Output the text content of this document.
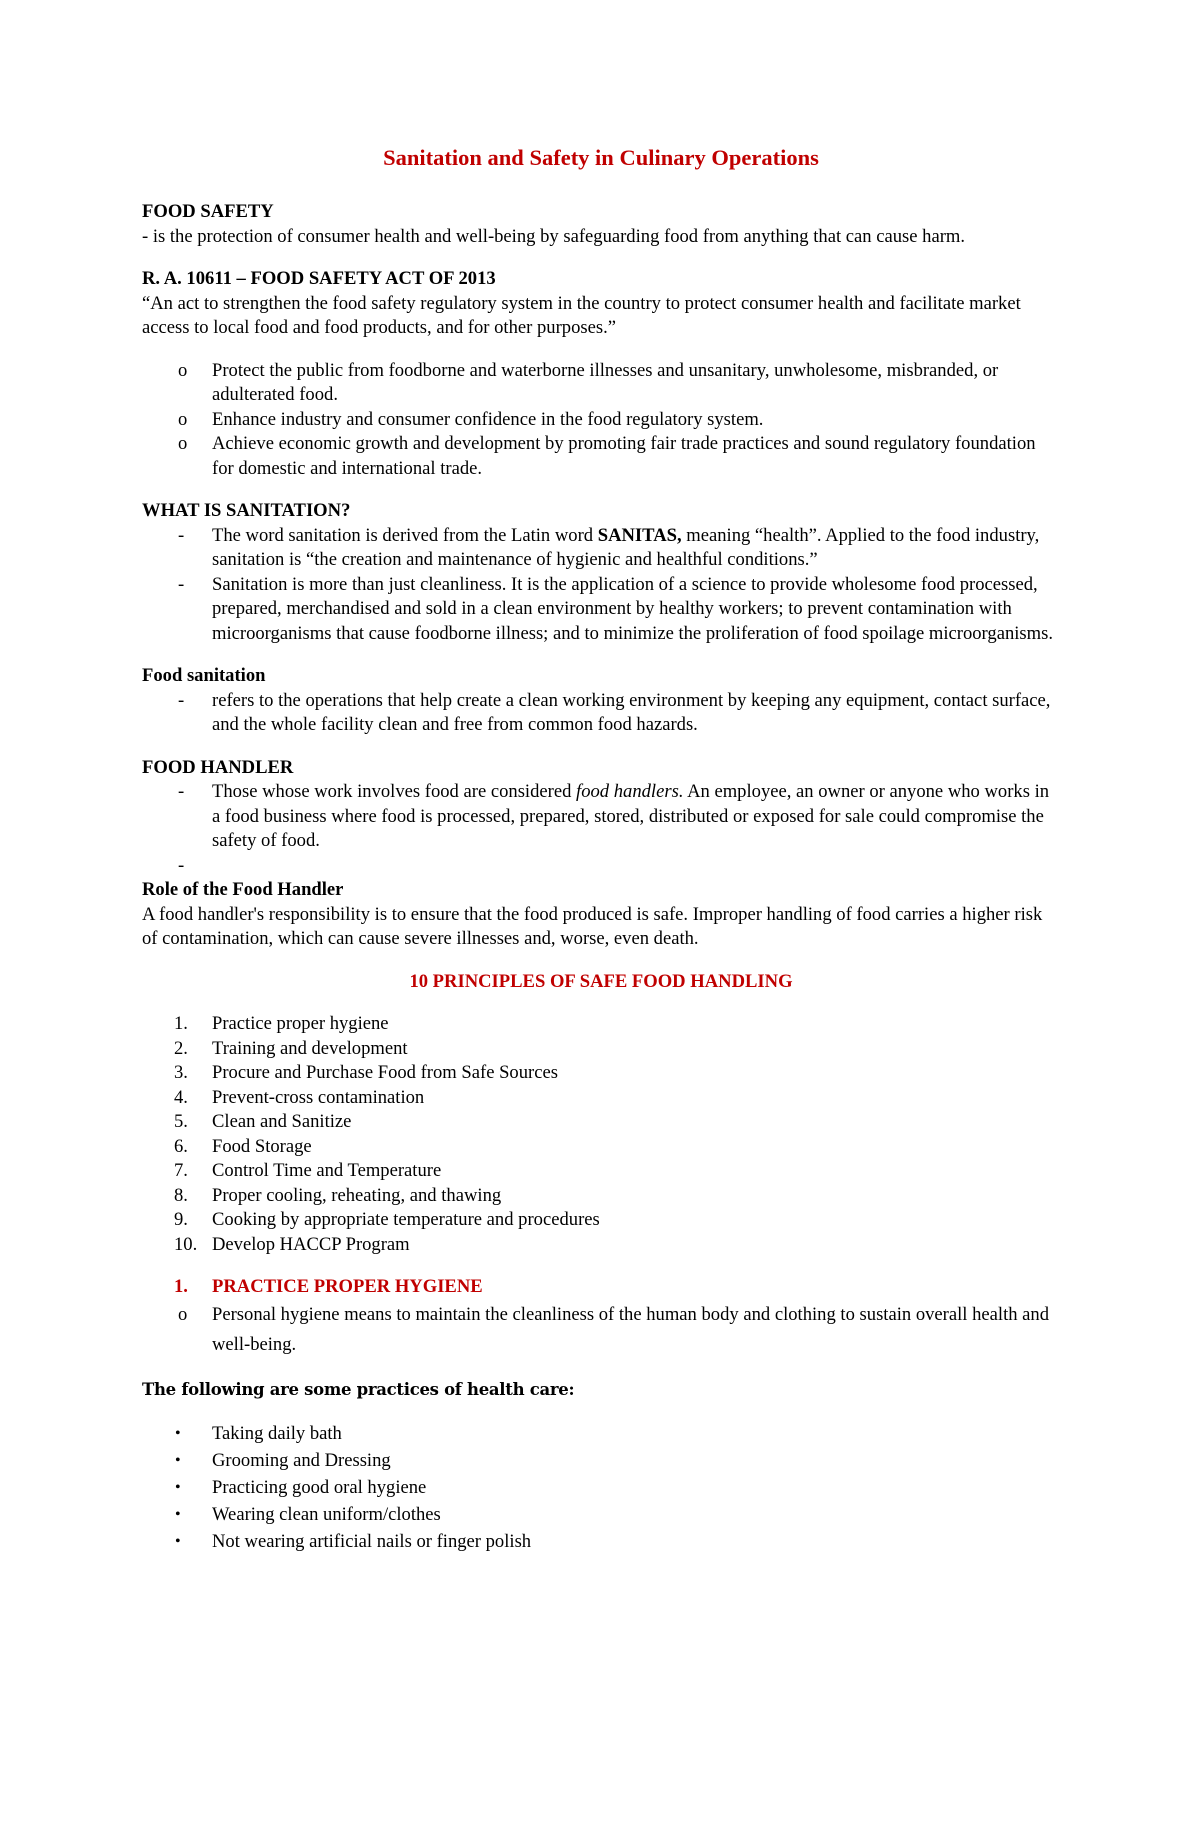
Sanitation and Safety in Culinary Operations

FOOD SAFETY

- is the protection of consumer health and well-being by safeguarding food from anything that can cause harm.

R. A. 10611 – FOOD SAFETY ACT OF 2013

“An act to strengthen the food safety regulatory system in the country to protect consumer health and facilitate market access to local food and food products, and for other purposes.”

o Protect the public from foodborne and waterborne illnesses and unsanitary, unwholesome, misbranded, or adulterated food.
o Enhance industry and consumer confidence in the food regulatory system.
o Achieve economic growth and development by promoting fair trade practices and sound regulatory foundation for domestic and international trade.

WHAT IS SANITATION?

- The word sanitation is derived from the Latin word SANITAS, meaning “health”. Applied to the food industry, sanitation is “the creation and maintenance of hygienic and healthful conditions.”
- Sanitation is more than just cleanliness. It is the application of a science to provide wholesome food processed, prepared, merchandised and sold in a clean environment by healthy workers; to prevent contamination with microorganisms that cause foodborne illness; and to minimize the proliferation of food spoilage microorganisms.

Food sanitation

- refers to the operations that help create a clean working environment by keeping any equipment, contact surface, and the whole facility clean and free from common food hazards.

FOOD HANDLER

- Those whose work involves food are considered food handlers. An employee, an owner or anyone who works in a food business where food is processed, prepared, stored, distributed or exposed for sale could compromise the safety of food.
-

Role of the Food Handler

A food handler's responsibility is to ensure that the food produced is safe. Improper handling of food carries a higher risk of contamination, which can cause severe illnesses and, worse, even death.

10 PRINCIPLES OF SAFE FOOD HANDLING

1. Practice proper hygiene
2. Training and development
3. Procure and Purchase Food from Safe Sources
4. Prevent-cross contamination
5. Clean and Sanitize
6. Food Storage
7. Control Time and Temperature
8. Proper cooling, reheating, and thawing
9. Cooking by appropriate temperature and procedures
10. Develop HACCP Program

1. PRACTICE PROPER HYGIENE

o Personal hygiene means to maintain the cleanliness of the human body and clothing to sustain overall health and well-being.

The following are some practices of health care:

• Taking daily bath
• Grooming and Dressing
• Practicing good oral hygiene
• Wearing clean uniform/clothes
• Not wearing artificial nails or finger polish
